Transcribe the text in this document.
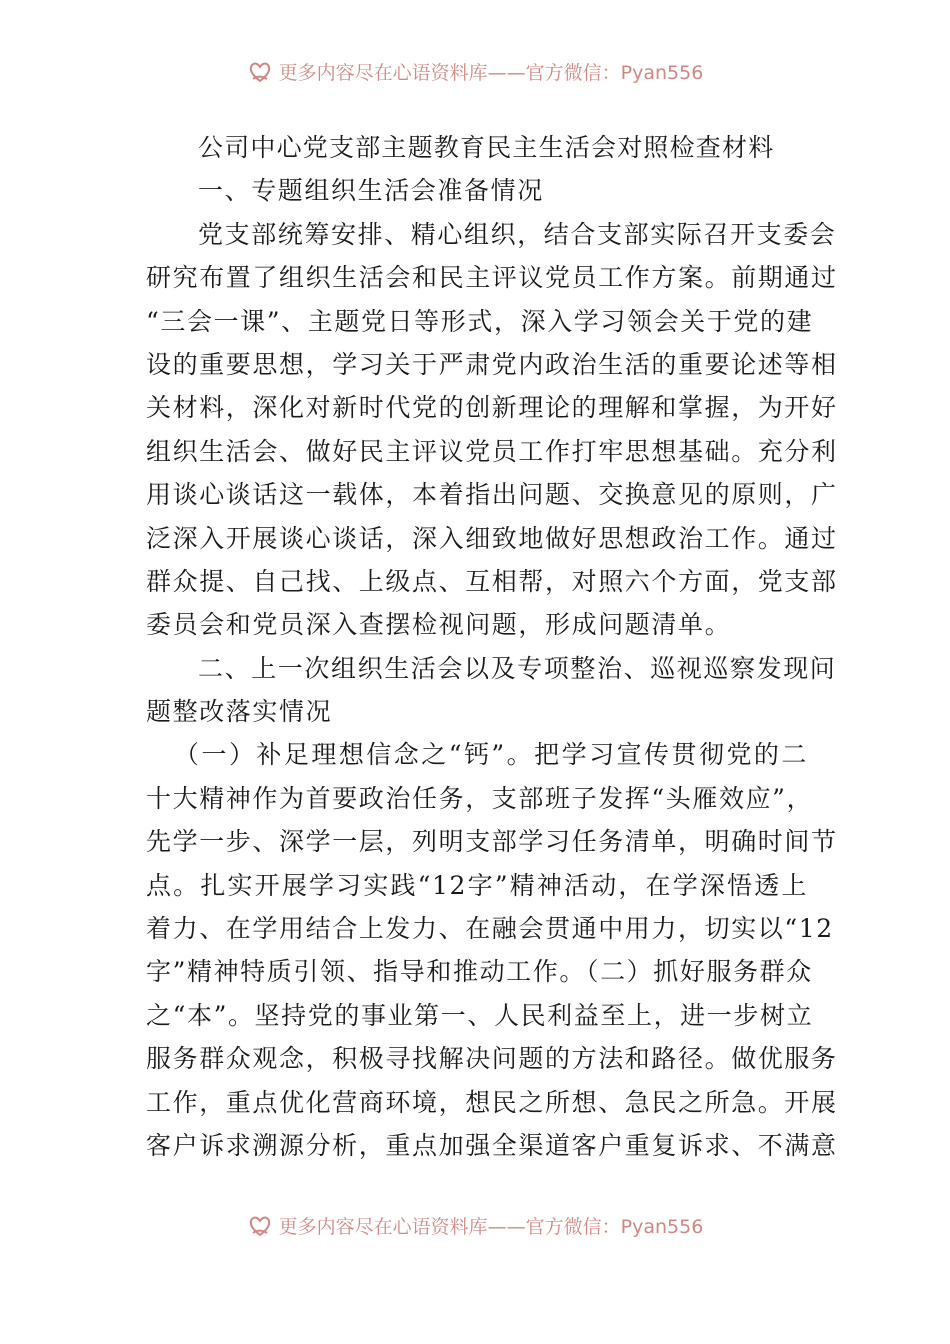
更多内容尽在心语资料库——官方微信：Pyan556
公司中心党支部主题教育民主生活会对照检查材料
一、专题组织生活会准备情况
党支部统筹安排、精心组织，结合支部实际召开支委会
研究布置了组织生活会和民主评议党员工作方案。前期通过
“三会一课”、主题党日等形式，深入学习领会关于党的建
设的重要思想，学习关于严肃党内政治生活的重要论述等相
关材料，深化对新时代党的创新理论的理解和掌握，为开好
组织生活会、做好民主评议党员工作打牢思想基础。充分利
用谈心谈话这一载体，本着指出问题、交换意见的原则，广
泛深入开展谈心谈话，深入细致地做好思想政治工作。通过
群众提、自己找、上级点、互相帮，对照六个方面，党支部
委员会和党员深入查摆检视问题，形成问题清单。
二、上一次组织生活会以及专项整治、巡视巡察发现问
题整改落实情况
（一）补足理想信念之“钙”。把学习宣传贯彻党的二
十大精神作为首要政治任务，支部班子发挥“头雁效应”，
先学一步、深学一层，列明支部学习任务清单，明确时间节
点。扎实开展学习实践“12字”精神活动，在学深悟透上
着力、在学用结合上发力、在融会贯通中用力，切实以“12
字”精神特质引领、指导和推动工作。（二）抓好服务群众
之“本”。坚持党的事业第一、人民利益至上，进一步树立
服务群众观念，积极寻找解决问题的方法和路径。做优服务
工作，重点优化营商环境，想民之所想、急民之所急。开展
客户诉求溯源分析，重点加强全渠道客户重复诉求、不满意
更多内容尽在心语资料库——官方微信：Pyan556
